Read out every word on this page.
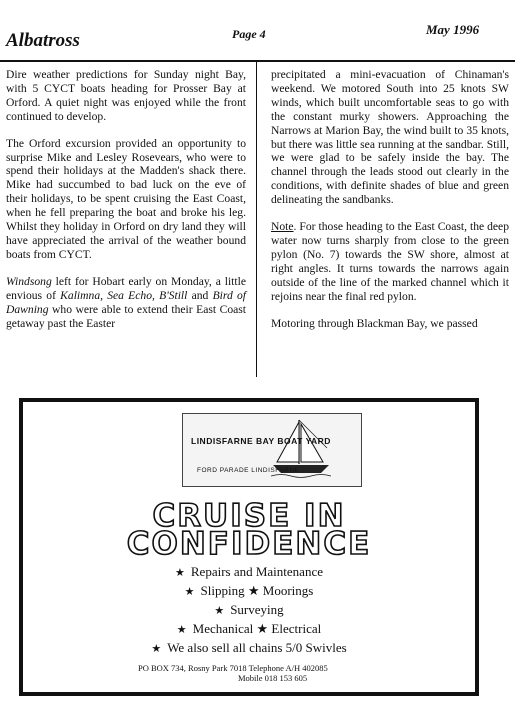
Albatross	Page 4	May 1996

Dire weather predictions for Sunday night Bay, with 5 CYCT boats heading for Prosser Bay at Orford. A quiet night was enjoyed while the front continued to develop.

The Orford excursion provided an opportunity to surprise Mike and Lesley Rosevears, who were to spend their holidays at the Madden's shack there. Mike had succumbed to bad luck on the eve of their holidays, to be spent cruising the East Coast, when he fell preparing the boat and broke his leg. Whilst they holiday in Orford on dry land they will have appreciated the arrival of the weather bound boats from CYCT.

Windsong left for Hobart early on Monday, a little envious of Kalimna, Sea Echo, B'Still and Bird of Dawning who were able to extend their East Coast getaway past the Easter

precipitated a mini-evacuation of Chinaman's weekend. We motored South into 25 knots SW winds, which built uncomfortable seas to go with the constant murky showers. Approaching the Narrows at Marion Bay, the wind built to 35 knots, but there was little sea running at the sandbar. Still, we were glad to be safely inside the bay. The channel through the leads stood out clearly in the conditions, with definite shades of blue and green delineating the sandbanks.

Note. For those heading to the East Coast, the deep water now turns sharply from close to the green pylon (No. 7) towards the SW shore, almost at right angles. It turns towards the narrows again outside of the line of the marked channel which it rejoins near the final red pylon.

Motoring through Blackman Bay, we passed

LINDISFARNE BAY BOAT YARD
FORD PARADE LINDISFARNE
CRUISE IN
CONFIDENCE
★ Repairs and Maintenance
★ Slipping ★ Moorings
★ Surveying
★ Mechanical ★ Electrical
★ We also sell all chains 5/0 Swivles
PO BOX 734, Rosny Park 7018 Telephone A/H 402085
Mobile 018 153 605
